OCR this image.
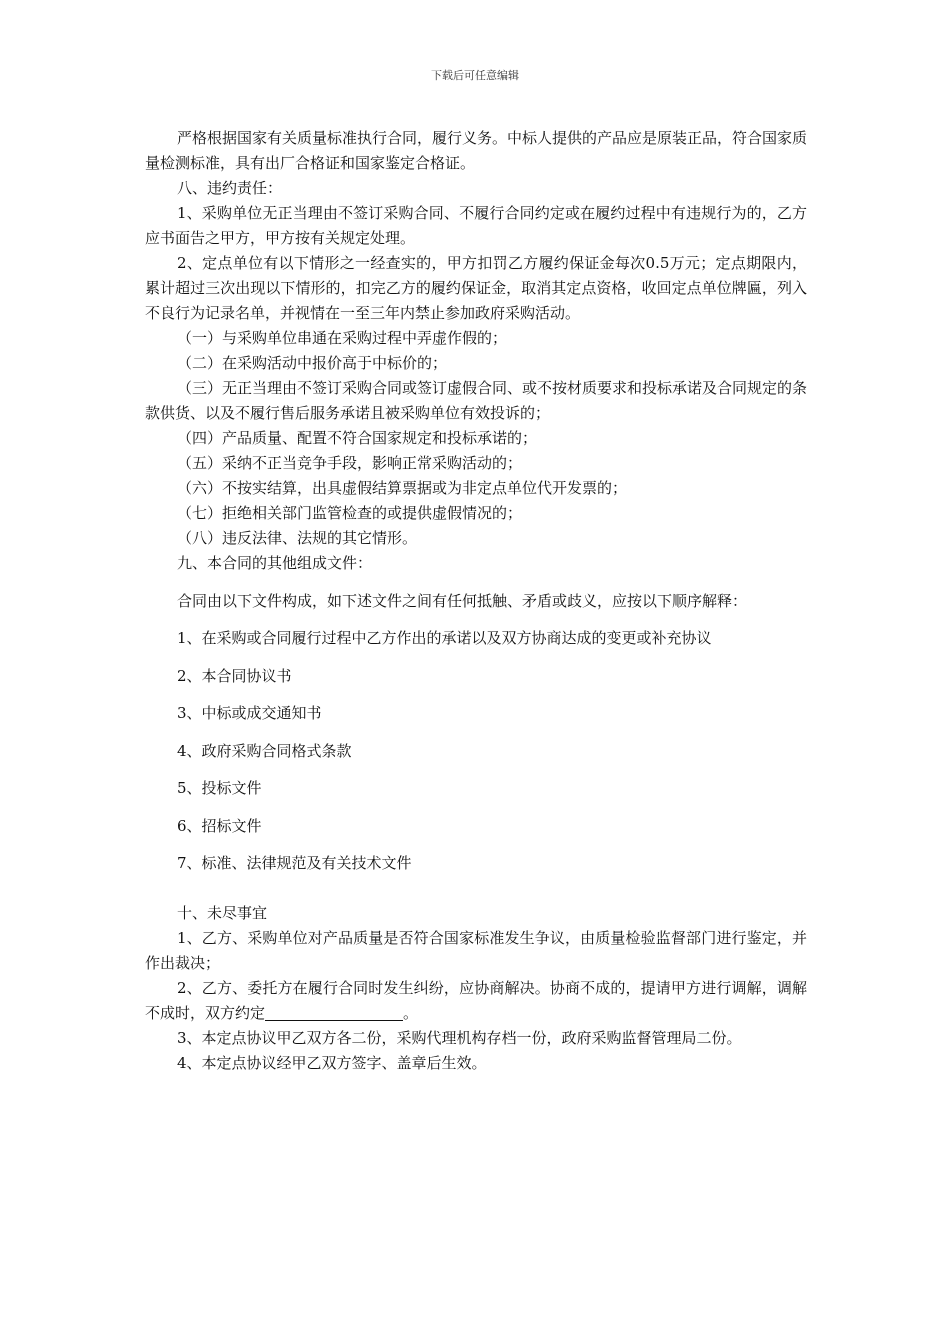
下载后可任意编辑

严格根据国家有关质量标准执行合同，履行义务。中标人提供的产品应是原装正品，符合国家质量检测标准，具有出厂合格证和国家鉴定合格证。

八、违约责任：

1、采购单位无正当理由不签订采购合同、不履行合同约定或在履约过程中有违规行为的，乙方应书面告之甲方，甲方按有关规定处理。

2、定点单位有以下情形之一经查实的，甲方扣罚乙方履约保证金每次0.5万元；定点期限内，累计超过三次出现以下情形的，扣完乙方的履约保证金，取消其定点资格，收回定点单位牌匾，列入不良行为记录名单，并视情在一至三年内禁止参加政府采购活动。

（一）与采购单位串通在采购过程中弄虚作假的；

（二）在采购活动中报价高于中标价的；

（三）无正当理由不签订采购合同或签订虚假合同、或不按材质要求和投标承诺及合同规定的条款供货、以及不履行售后服务承诺且被采购单位有效投诉的；

（四）产品质量、配置不符合国家规定和投标承诺的；

（五）采纳不正当竞争手段，影响正常采购活动的；

（六）不按实结算，出具虚假结算票据或为非定点单位代开发票的；

（七）拒绝相关部门监管检查的或提供虚假情况的；

（八）违反法律、法规的其它情形。

九、本合同的其他组成文件：

合同由以下文件构成，如下述文件之间有任何抵触、矛盾或歧义，应按以下顺序解释：

1、在采购或合同履行过程中乙方作出的承诺以及双方协商达成的变更或补充协议

2、本合同协议书

3、中标或成交通知书

4、政府采购合同格式条款

5、投标文件

6、招标文件

7、标准、法律规范及有关技术文件

十、未尽事宜

1、乙方、采购单位对产品质量是否符合国家标准发生争议，由质量检验监督部门进行鉴定，并作出裁决；

2、乙方、委托方在履行合同时发生纠纷，应协商解决。协商不成的，提请甲方进行调解，调解不成时，双方约定	。

3、本定点协议甲乙双方各二份，采购代理机构存档一份，政府采购监督管理局二份。

4、本定点协议经甲乙双方签字、盖章后生效。
